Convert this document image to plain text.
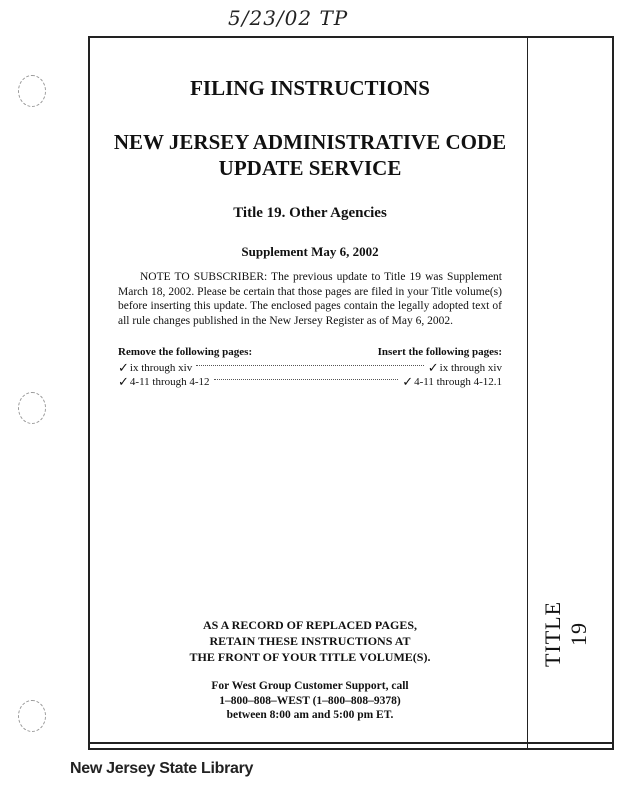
5/23/02 TP
TITLE 19
FILING INSTRUCTIONS
NEW JERSEY ADMINISTRATIVE CODE
UPDATE SERVICE
Title 19. Other Agencies
Supplement May 6, 2002
NOTE TO SUBSCRIBER: The previous update to Title 19 was Supplement March 18, 2002. Please be certain that those pages are filed in your Title volume(s) before inserting this update. The enclosed pages contain the legally adopted text of all rule changes published in the New Jersey Register as of May 6, 2002.
Remove the following pages:	Insert the following pages:
✓ ix through xiv	✓ ix through xiv
✓ 4-11 through 4-12	✓ 4-11 through 4-12.1
AS A RECORD OF REPLACED PAGES,
RETAIN THESE INSTRUCTIONS AT
THE FRONT OF YOUR TITLE VOLUME(S).
For West Group Customer Support, call
1–800–808–WEST (1–800–808–9378)
between 8:00 am and 5:00 pm ET.
New Jersey State Library
